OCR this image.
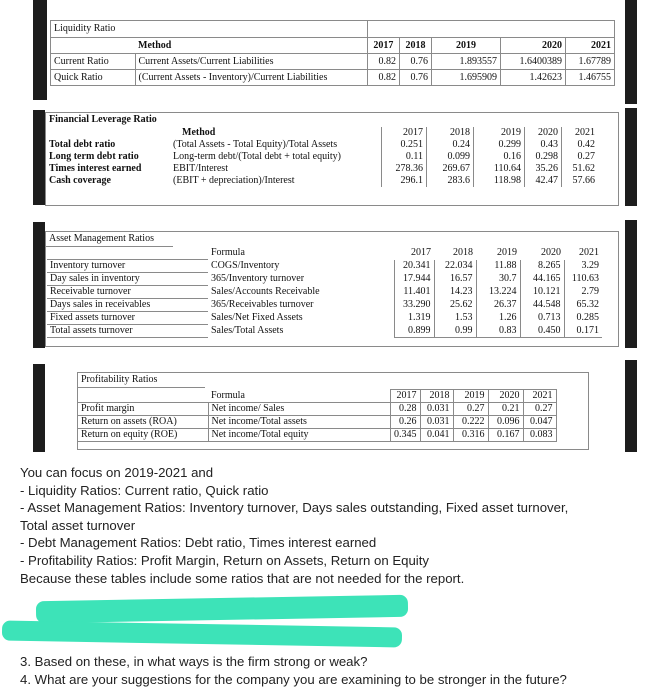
Liquidity Ratio						
	Method	2017	2018	2019	2020	2021
Current Ratio	Current Assets/Current Liabilities	0.82	0.76	1.893557	1.6400389	1.67789
Quick Ratio	(Current Assets - Inventory)/Current Liabilities	0.82	0.76	1.695909	1.42623	1.46755
Financial Leverage Ratio
	Method	2017	2018	2019	2020	2021
Total debt ratio	(Total Assets - Total Equity)/Total Assets	0.251	0.24	0.299	0.43	0.42
Long term debt ratio	Long-term debt/(Total debt + total equity)	0.11	0.099	0.16	0.298	0.27
Times interest earned	EBIT/Interest	278.36	269.67	110.64	35.26	51.62
Cash coverage	(EBIT + depreciation)/Interest	296.1	283.6	118.98	42.47	57.66
Asset Management Ratios
	Formula	2017	2018	2019	2020	2021
Inventory turnover	COGS/Inventory	20.341	22.034	11.88	8.265	3.29
Day sales in inventory	365/Inventory turnover	17.944	16.57	30.7	44.165	110.63
Receivable turnover	Sales/Accounts Receivable	11.401	14.23	13.224	10.121	2.79
Days sales in receivables	365/Receivables turnover	33.290	25.62	26.37	44.548	65.32
Fixed assets turnover	Sales/Net Fixed Assets	1.319	1.53	1.26	0.713	0.285
Total assets turnover	Sales/Total Assets	0.899	0.99	0.83	0.450	0.171
Profitability Ratios
	Formula	2017	2018	2019	2020	2021
Profit margin	Net income/ Sales	0.28	0.031	0.27	0.21	0.27
Return on assets (ROA)	Net income/Total assets	0.26	0.031	0.222	0.096	0.047
Return on equity (ROE)	Net income/Total equity	0.345	0.041	0.316	0.167	0.083
You can focus on 2019-2021 and
- Liquidity Ratios: Current ratio, Quick ratio
- Asset Management Ratios: Inventory turnover, Days sales outstanding, Fixed asset turnover,
Total asset turnover
- Debt Management Ratios: Debt ratio, Times interest earned
- Profitability Ratios: Profit Margin, Return on Assets, Return on Equity
Because these tables include some ratios that are not needed for the report.
3. Based on these, in what ways is the firm strong or weak?
4. What are your suggestions for the company you are examining to be stronger in the future?
